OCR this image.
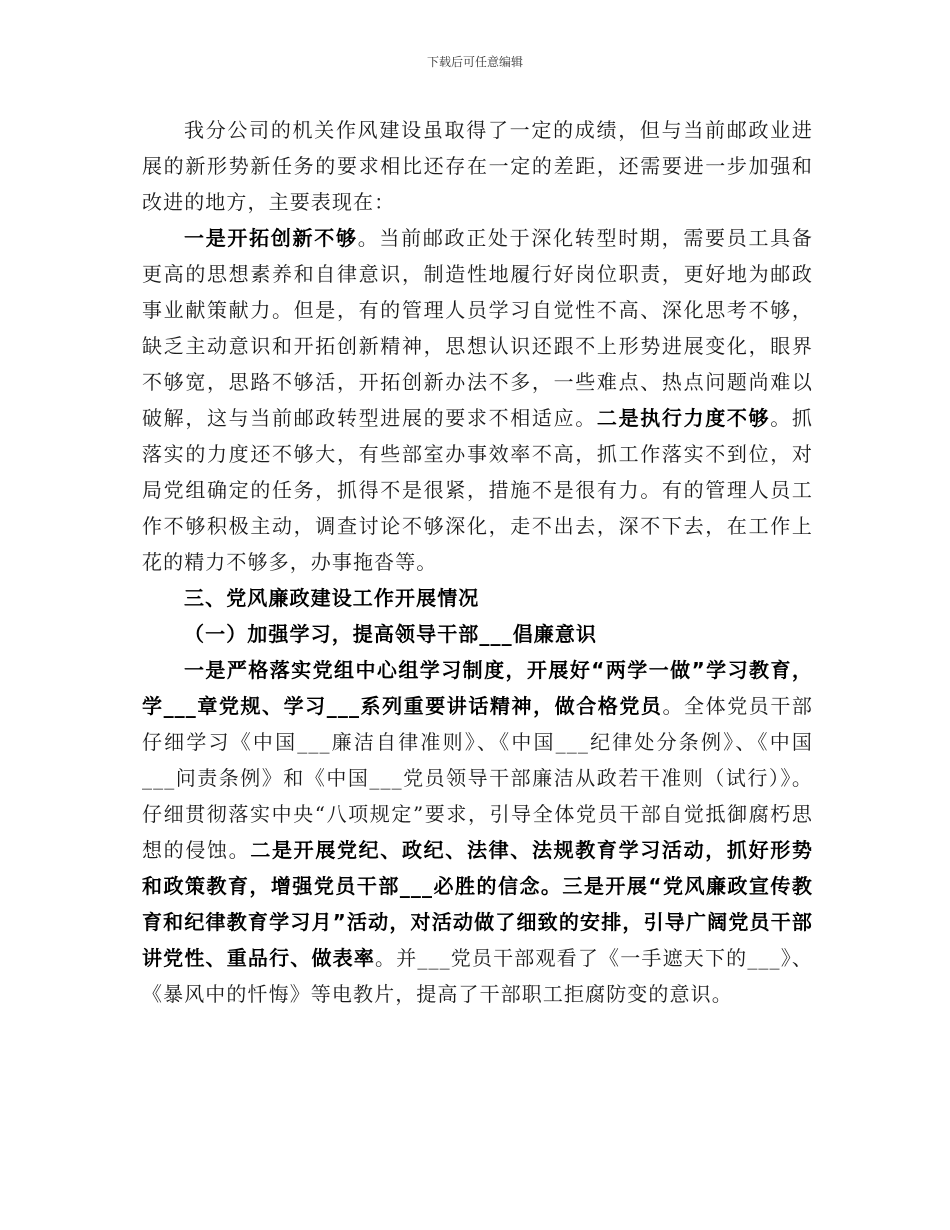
下载后可任意编辑

我分公司的机关作风建设虽取得了一定的成绩，但与当前邮政业进展的新形势新任务的要求相比还存在一定的差距，还需要进一步加强和改进的地方，主要表现在：

一是开拓创新不够。当前邮政正处于深化转型时期，需要员工具备更高的思想素养和自律意识，制造性地履行好岗位职责，更好地为邮政事业献策献力。但是，有的管理人员学习自觉性不高、深化思考不够，缺乏主动意识和开拓创新精神，思想认识还跟不上形势进展变化，眼界不够宽，思路不够活，开拓创新办法不多，一些难点、热点问题尚难以破解，这与当前邮政转型进展的要求不相适应。二是执行力度不够。抓落实的力度还不够大，有些部室办事效率不高，抓工作落实不到位，对局党组确定的任务，抓得不是很紧，措施不是很有力。有的管理人员工作不够积极主动，调查讨论不够深化，走不出去，深不下去，在工作上花的精力不够多，办事拖沓等。

三、党风廉政建设工作开展情况

（一）加强学习，提高领导干部___倡廉意识

一是严格落实党组中心组学习制度，开展好“两学一做”学习教育，学___章党规、学习___系列重要讲话精神，做合格党员。全体党员干部仔细学习《中国___廉洁自律准则》、《中国___纪律处分条例》、《中国___问责条例》和《中国___党员领导干部廉洁从政若干准则（试行）》。仔细贯彻落实中央“八项规定”要求，引导全体党员干部自觉抵御腐朽思想的侵蚀。二是开展党纪、政纪、法律、法规教育学习活动，抓好形势和政策教育，增强党员干部___必胜的信念。三是开展“党风廉政宣传教育和纪律教育学习月”活动，对活动做了细致的安排，引导广阔党员干部讲党性、重品行、做表率。并___党员干部观看了《一手遮天下的___》、《暴风中的忏悔》等电教片，提高了干部职工拒腐防变的意识。
